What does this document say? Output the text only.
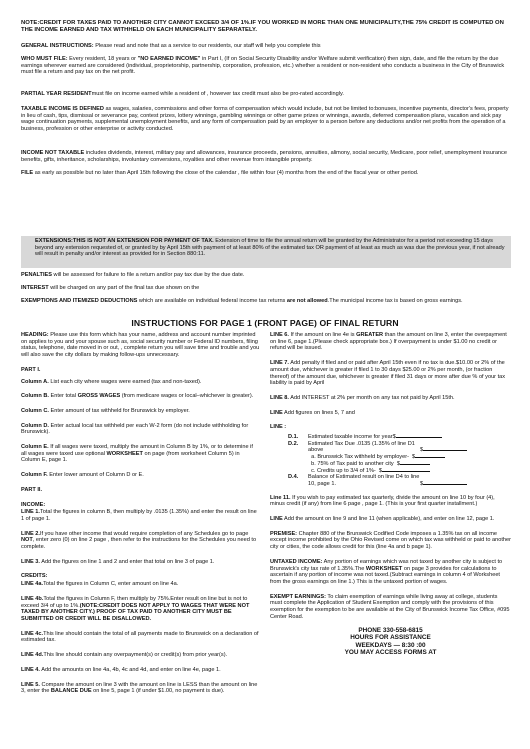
NOTE:CREDIT FOR TAXES PAID TO ANOTHER CITY CANNOT EXCEED 3/4 OF 1%.IF YOU WORKED IN MORE THAN ONE MUNICIPALITY,THE 75% CREDIT IS COMPUTED ON THE INCOME EARNED AND TAX WITHHELD ON EACH MUNICIPALITY SEPARATELY.

GENERAL INSTRUCTIONS: Please read and note that as a service to our residents, our staff will help you complete this

WHO MUST FILE: Every resident, 18 years or "NO EARNED INCOME" in Part I, (If on Social Security Disability and/or Welfare submit verification) then sign, date, and file the return by the due earnings wherever earned are considered (individual, proprietorship, partnership, corporation, profession, etc.) whether a resident or non-resident who conducts a business in the City of Brunswick must file a return and pay tax on the net profit.

PARTIAL YEAR RESIDENTmust file on income earned while a resident of , however tax credit must also be pro-rated accordingly.

TAXABLE INCOME IS DEFINED as wages, salaries, commissions and other forms of compensation which would include, but not be limited to:bonuses, incentive payments, director's fees, property in lieu of cash, tips, dismissal or severance pay, contest prizes, lottery winnings, gambling winnings or other game prizes or winnings, awards, deferred compensation plans, vacation and sick pay wage continuation payments, supplemental unemployment benefits, and any form of compensation paid by an employer to a person before any deductions and/or net profits from the operation of a business, profession or other enterprise or activity conducted.

INCOME NOT TAXABLE includes dividends, interest, military pay and allowances, insurance proceeds, pensions, annuities, alimony, social security, Medicare, poor relief, unemployment insurance benefits, gifts, inheritance, scholarships, involuntary conversions, royalties and other revenue from intangible property.

FILE as early as possible but no later than April 15th following the close of the calendar , file within four (4) months from the end of the fiscal year or other period.

EXTENSIONS:THIS IS NOT AN EXTENSION FOR PAYMENT OF TAX. Extension of time to file the annual return will be granted by the Administrator for a period not exceeding 15 days beyond any extension requested of, or granted by by April 15th with payment of at least 80% of the estimated tax OR payment of at least as much as was due the previous year, if not already will result in penalty and/or interest as provided for in Section 880:11.

PENALTIES will be assessed for failure to file a return and/or pay tax due by the due date.

INTEREST will be charged on any part of the final tax due shown on the

EXEMPTIONS AND ITEMIZED DEDUCTIONS which are available on individual federal income tax returns are not allowed.The municipal income tax is based on gross earnings.

INSTRUCTIONS FOR PAGE 1 (FRONT PAGE) OF FINAL RETURN

HEADING: Please use this form which has your name, address and account number imprinted on applies to you and your spouse such as, social security number or Federal ID numbers, filing status, telephone, date moved in or out, , complete return you will save time and trouble and you will also save the city dollars by making follow-ups unnecessary.

PART I.

Column A. List each city where wages were earned (tax and non-taxed).

Column B. Enter total GROSS WAGES (from medicare wages or local–whichever is greater).

Column C. Enter amount of tax withheld for Brunswick by employer.

Column D. Enter actual local tax withheld per each W-2 form (do not include withholding for Brunswick).

Column E. If all wages were taxed, multiply the amount in Column B by 1%, or to determine if all wages were taxed use optional WORKSHEET on page (from worksheet Column 5) in Column E, page 1.

Column F. Enter lower amount of Column D or E.

PART II.

INCOME:

LINE 1.Total the figures in column B, then multiply by .0135 (1.35%) and enter the result on line 1 of page 1.

LINE 2.If you have other income that would require completion of any Schedules go to page NOT, enter zero (0) on line 2 page , then refer to the instructions for the Schedules you need to complete.

LINE 3. Add the figures on line 1 and 2 and enter that total on line 3 of page 1.

CREDITS:

LINE 4a.Total the figures in Column C, enter amount on line 4a.

LINE 4b.Total the figures in Column F, then multiply by 75%.Enter result on line but is not to exceed 3/4 of up to 1%.(NOTE:CREDIT DOES NOT APPLY TO WAGES THAT WERE NOT TAXED BY ANOTHER CITY.) PROOF OF TAX PAID TO ANOTHER CITY MUST BE SUBMITTED OR CREDIT WILL BE DISALLOWED.

LINE 4c.This line should contain the total of all payments made to Brunswick on a declaration of estimated tax.

LINE 4d.This line should contain any overpayment(s) or credit(s) from prior year(s).

LINE 4. Add the amounts on line 4a, 4b, 4c and 4d, and enter on line 4e, page 1.

LINE 5. Compare the amount on line 3 with the amount on line is LESS than the amount on line 3, enter the BALANCE DUE on line 5, page 1 (if under $1.00, no payment is due).

LINE 6. If the amount on line 4e is GREATER than the amount on line 3, enter the overpayment on line 6, page 1.(Please check appropriate box.) If overpayment is under $1.00 no credit or refund will be issued.

LINE 7. Add penalty if filed and or paid after April 15th even if no tax is due.$10.00 or 2% of the amount due, whichever is greater if filed 1 to 30 days $25.00 or 2% per month, (or fraction thereof) of the amount due, whichever is greater if filed 31 days or more after due % of your tax liability is paid by April

LINE 8. Add INTEREST at 2% per month on any tax not paid by April 15th.

LINE Add figures on lines 5, 7 and

LINE :

D.1.	Estimated taxable income for year$	
D.2.	Estimated Tax Due .0135 (1.35% of line D1 above	$
	a. Brunswick Tax withheld by employer- $	
	b. 75% of Tax paid to another city $	
	c. Credits up to 3/4 of 1%- $	
D.4.	Balance of Estimated result on line D4 to line 10, page 1.	$

Line 11. If you wish to pay estimated tax quarterly, divide the amount on line 10 by four (4), minus credit (if any) from line 6 page , page 1. (This is your first quarter installment.)

LINE Add the amount on line 9 and line 11 (when applicable), and enter on line 12, page 1.

PREMISE: Chapter 880 of the Brunswick Codified Code imposes a 1.35% tax on all income except income prohibited by the Ohio Revised come on which tax was withheld or paid to another city or cities, the code allows credit for this (line 4a and b page 1).

UNTAXED INCOME: Any portion of earnings which was not taxed by another city is subject to Brunswick's city tax rate of 1.35%.The WORKSHEET on page 3 provides for calculations to ascertain if any portion of income was not taxed.(Subtract earnings in column 4 of Worksheet from the gross earnings on line 1.) This is the untaxed portion of wages.

EXEMPT EARNINGS: To claim exemption of earnings while living away at college, students must complete the Application of Student Exemption and comply with the provisions of this exemption for the exemption to be are available at the City of Brunswick Income Tax Office, #095 Center Road.

PHONE 330-558-6815
HOURS FOR ASSISTANCE
WEEKDAYS — 8:30 :00
YOU MAY ACCESS FORMS AT
